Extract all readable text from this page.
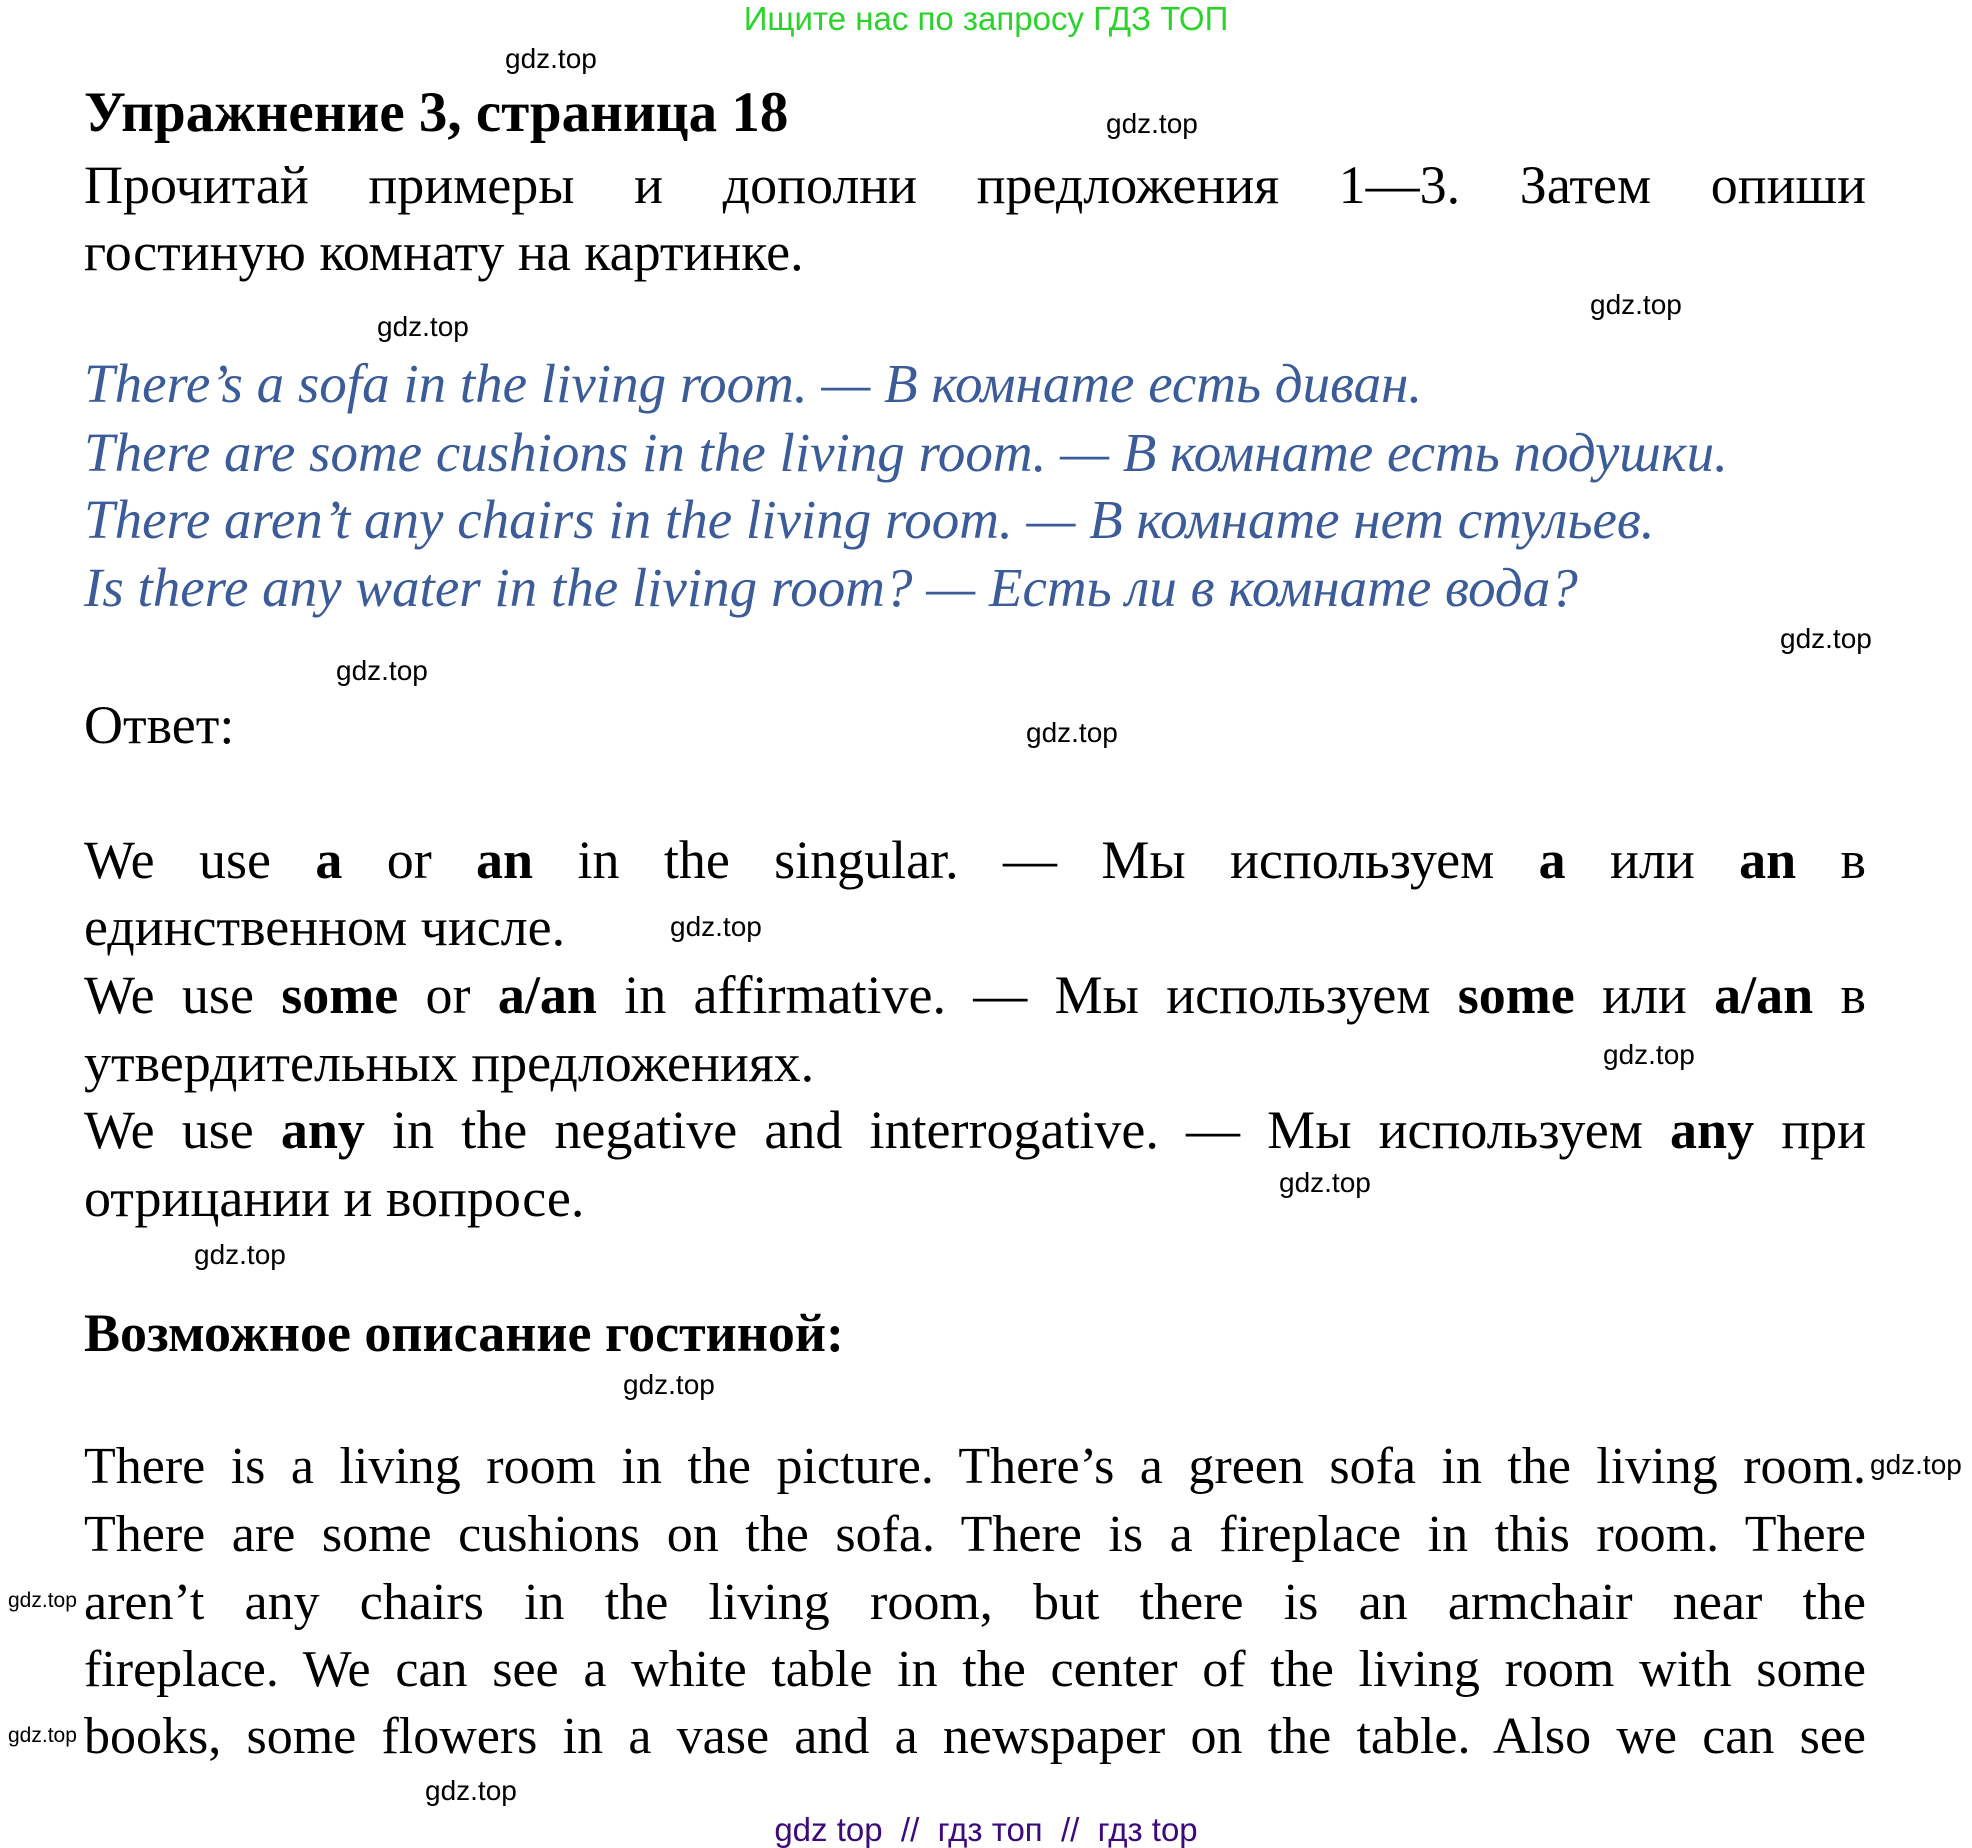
Ищите нас по запросу ГДЗ ТОП
Упражнение 3, страница 18
Прочитай примеры и дополни предложения 1—3. Затем опиши
гостиную комнату на картинке.
There’s a sofa in the living room. — В комнате есть диван.
There are some cushions in the living room. — В комнате есть подушки.
There aren’t any chairs in the living room. — В комнате нет стульев.
Is there any water in the living room? — Есть ли в комнате вода?
Ответ:
We use a or an in the singular. — Мы используем a или an в
единственном числе.
We use some or a/an in affirmative. — Мы используем some или a/an в
утвердительных предложениях.
We use any in the negative and interrogative. — Мы используем any при
отрицании и вопросе.
Возможное описание гостиной:
There is a living room in the picture. There’s a green sofa in the living room.
There are some cushions on the sofa. There is a fireplace in this room. There
aren’t any chairs in the living room, but there is an armchair near the
fireplace. We can see a white table in the center of the living room with some
books, some flowers in a vase and a newspaper on the table. Also we can see
gdz.top
gdz.top
gdz.top
gdz.top
gdz.top
gdz.top
gdz.top
gdz.top
gdz.top
gdz.top
gdz.top
gdz.top
gdz.top
gdz.top
gdz.top
gdz.top
gdz top  //  гдз топ  //  гдз top
